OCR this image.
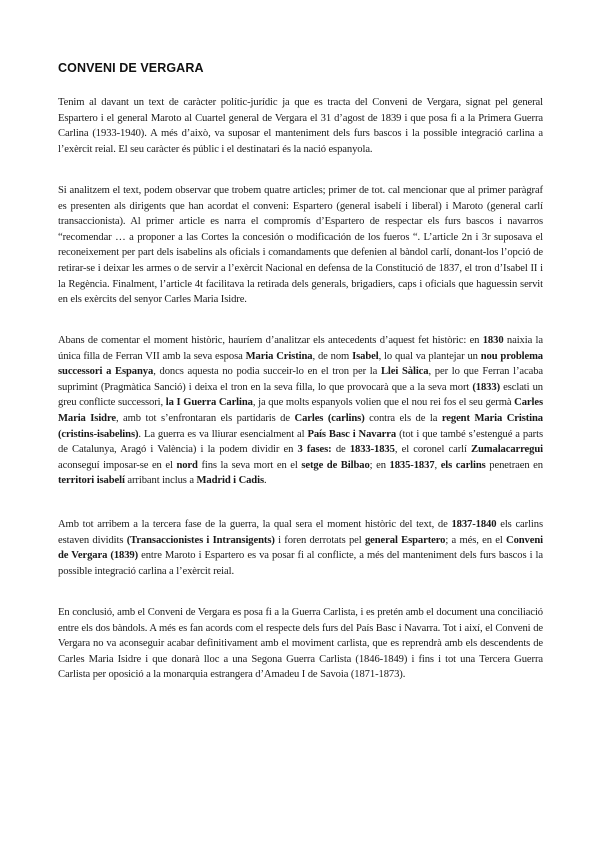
CONVENI DE VERGARA

Tenim al davant un text de caràcter polític-jurídic ja que es tracta del Conveni de Vergara, signat pel general Espartero i el general Maroto al Cuartel general de Vergara el 31 d’agost de 1839 i que posa fi a la Primera Guerra Carlina (1933-1940). A més d’això, va suposar el manteniment dels furs bascos i la possible integració carlina a l’exèrcit reial. El seu caràcter és públic i el destinatari és la nació espanyola.

Si analitzem el text, podem observar que trobem quatre articles; primer de tot. cal mencionar que al primer paràgraf es presenten als dirigents que han acordat el conveni: Espartero (general isabelí i liberal) i Maroto (general carlí transaccionista). Al primer article es narra el compromís d’Espartero de respectar els furs bascos i navarros “recomendar … a proponer a las Cortes la concesión o modificación de los fueros “. L’article 2n i 3r suposava el reconeixement per part dels isabelins als oficials i comandaments que defenien al bàndol carlí, donant-los l’opció de retirar-se i deixar les armes o de servir a l’exèrcit Nacional en defensa de la Constitució de 1837, el tron d’Isabel II i la Regència. Finalment, l’article 4t facilitava la retirada dels generals, brigadiers, caps i oficials que haguessin servit en els exèrcits del senyor Carles Maria Isidre.

Abans de comentar el moment històric, hauríem d’analitzar els antecedents d’aquest fet històric: en 1830 naixia la única filla de Ferran VII amb la seva esposa Maria Cristina, de nom Isabel, lo qual va plantejar un nou problema successori a Espanya, doncs aquesta no podia succeir-lo en el tron per la Llei Sàlica, per lo que Ferran l’acaba suprimint (Pragmàtica Sanció) i deixa el tron en la seva filla, lo que provocarà que a la seva mort (1833) esclati un greu conflicte successori, la I Guerra Carlina, ja que molts espanyols volien que el nou rei fos el seu germà Carles Maria Isidre, amb tot s’enfrontaran els partidaris de Carles (carlins) contra els de la regent Maria Cristina (cristins-isabelins). La guerra es va lliurar esencialment al País Basc i Navarra (tot i que també s’estengué a parts de Catalunya, Aragó i València) i la podem dividir en 3 fases: de 1833-1835, el coronel carlí Zumalacarregui aconseguí imposar-se en el nord fins la seva mort en el setge de Bilbao; en 1835-1837, els carlins penetraen en territori isabelí arribant inclus a Madrid i Cadis.

Amb tot arribem a la tercera fase de la guerra, la qual sera el moment històric del text, de 1837-1840 els carlins estaven dividits (Transaccionistes i Intransigents) i foren derrotats pel general Espartero; a més, en el Conveni de Vergara (1839) entre Maroto i Espartero es va posar fi al conflicte, a més del manteniment dels furs bascos i la possible integració carlina a l’exèrcit reial.

En conclusió, amb el Conveni de Vergara es posa fi a la Guerra Carlista, i es pretén amb el document una conciliació entre els dos bàndols. A més es fan acords com el respecte dels furs del País Basc i Navarra. Tot i així, el Conveni de Vergara no va aconseguir acabar definitivament amb el moviment carlista, que es reprendrà amb els descendents de Carles Maria Isidre i que donarà lloc a una Segona Guerra Carlista (1846-1849) i fins i tot una Tercera Guerra Carlista per oposició a la monarquia estrangera d’Amadeu I de Savoia (1871-1873).
